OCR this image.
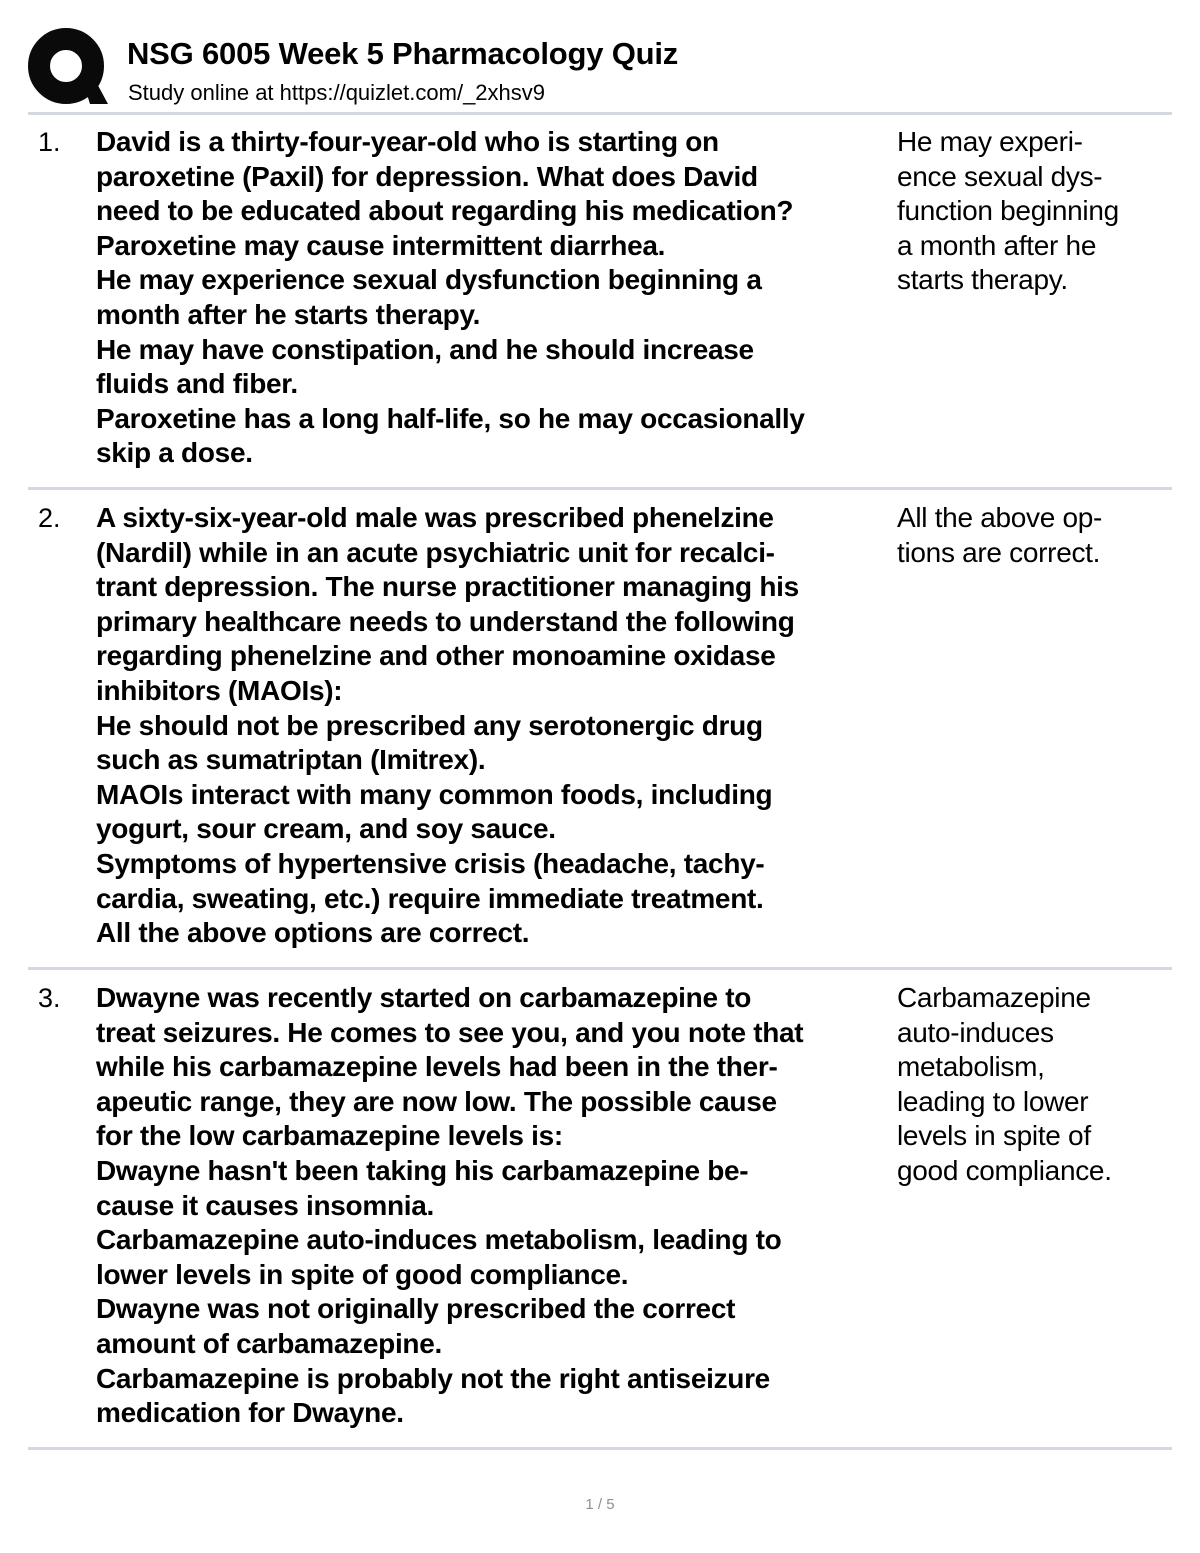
NSG 6005 Week 5 Pharmacology Quiz
Study online at https://quizlet.com/_2xhsv9
1. David is a thirty-four-year-old who is starting on
paroxetine (Paxil) for depression. What does David
need to be educated about regarding his medication?
Paroxetine may cause intermittent diarrhea.
He may experience sexual dysfunction beginning a
month after he starts therapy.
He may have constipation, and he should increase
fluids and fiber.
Paroxetine has a long half-life, so he may occasionally
skip a dose.
He may experi-
ence sexual dys-
function beginning
a month after he
starts therapy.
2. A sixty-six-year-old male was prescribed phenelzine
(Nardil) while in an acute psychiatric unit for recalci-
trant depression. The nurse practitioner managing his
primary healthcare needs to understand the following
regarding phenelzine and other monoamine oxidase
inhibitors (MAOIs):
He should not be prescribed any serotonergic drug
such as sumatriptan (Imitrex).
MAOIs interact with many common foods, including
yogurt, sour cream, and soy sauce.
Symptoms of hypertensive crisis (headache, tachy-
cardia, sweating, etc.) require immediate treatment.
All the above options are correct.
All the above op-
tions are correct.
3. Dwayne was recently started on carbamazepine to
treat seizures. He comes to see you, and you note that
while his carbamazepine levels had been in the ther-
apeutic range, they are now low. The possible cause
for the low carbamazepine levels is:
Dwayne hasn't been taking his carbamazepine be-
cause it causes insomnia.
Carbamazepine auto-induces metabolism, leading to
lower levels in spite of good compliance.
Dwayne was not originally prescribed the correct
amount of carbamazepine.
Carbamazepine is probably not the right antiseizure
medication for Dwayne.
Carbamazepine
auto-induces
metabolism,
leading to lower
levels in spite of
good compliance.
1 / 5
